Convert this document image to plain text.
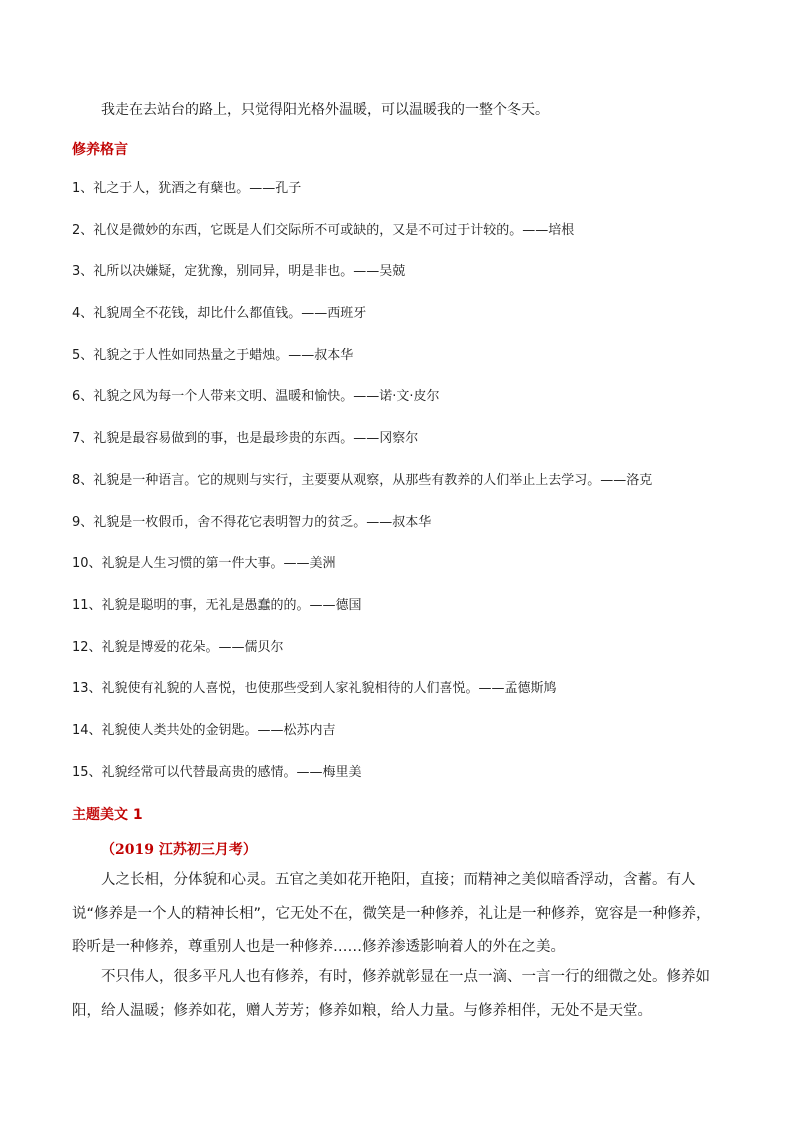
我走在去站台的路上，只觉得阳光格外温暖，可以温暖我的一整个冬天。
修养格言
1、礼之于人，犹酒之有蘖也。——孔子
2、礼仪是微妙的东西，它既是人们交际所不可或缺的，又是不可过于计较的。——培根
3、礼所以决嫌疑，定犹豫，别同异，明是非也。——吴兢
4、礼貌周全不花钱，却比什么都值钱。——西班牙
5、礼貌之于人性如同热量之于蜡烛。——叔本华
6、礼貌之风为每一个人带来文明、温暖和愉快。——诺·文·皮尔
7、礼貌是最容易做到的事，也是最珍贵的东西。——冈察尔
8、礼貌是一种语言。它的规则与实行，主要要从观察，从那些有教养的人们举止上去学习。——洛克
9、礼貌是一枚假币，舍不得花它表明智力的贫乏。——叔本华
10、礼貌是人生习惯的第一件大事。——美洲
11、礼貌是聪明的事，无礼是愚蠢的的。——德国
12、礼貌是博爱的花朵。——儒贝尔
13、礼貌使有礼貌的人喜悦，也使那些受到人家礼貌相待的人们喜悦。——孟德斯鸠
14、礼貌使人类共处的金钥匙。——松苏内吉
15、礼貌经常可以代替最高贵的感情。——梅里美
主题美文 1
（2019 江苏初三月考）

人之长相，分体貌和心灵。五官之美如花开艳阳，直接；而精神之美似暗香浮动，含蓄。有人说“修养是一个人的精神长相”，它无处不在，微笑是一种修养，礼让是一种修养，宽容是一种修养，聆听是一种修养，尊重别人也是一种修养……修养渗透影响着人的外在之美。

不只伟人，很多平凡人也有修养，有时，修养就彰显在一点一滴、一言一行的细微之处。修养如阳，给人温暖；修养如花，赠人芳芳；修养如粮，给人力量。与修养相伴，无处不是天堂。
